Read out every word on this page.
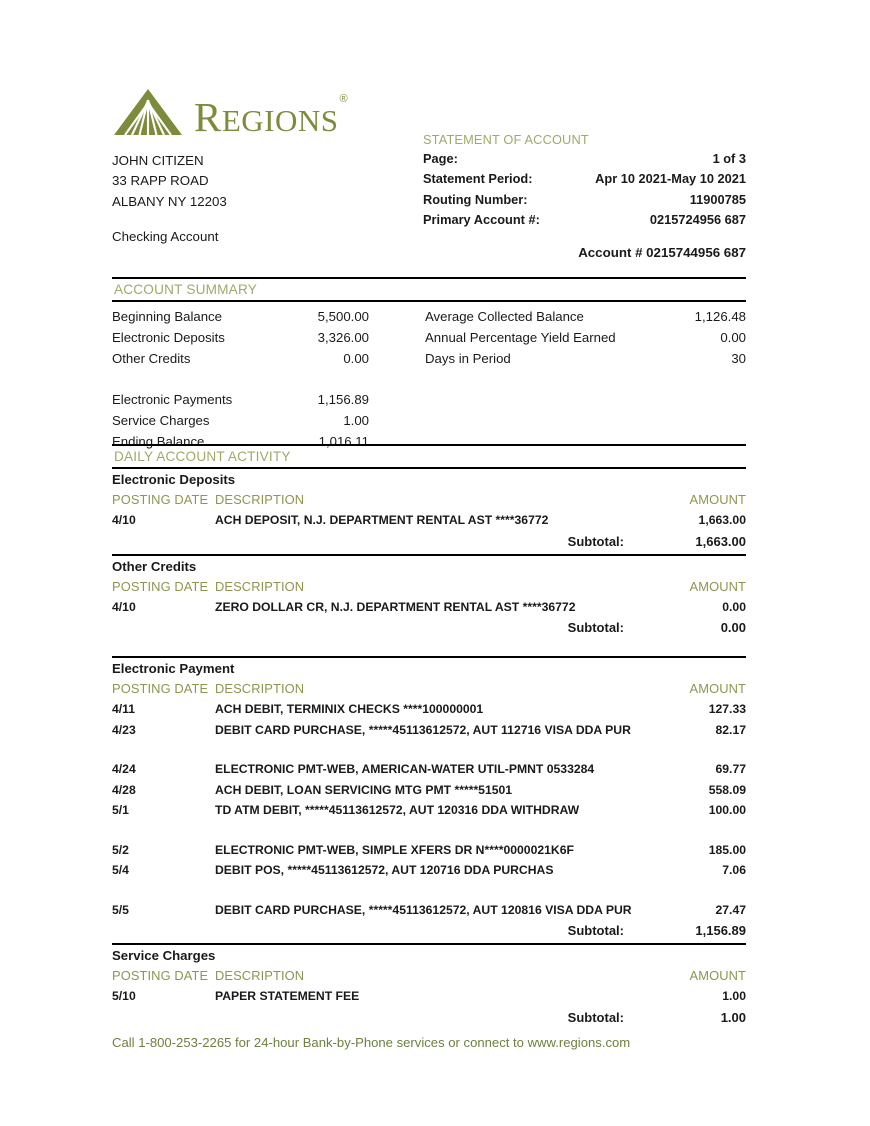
REGIONS®
JOHN CITIZEN
33 RAPP ROAD
ALBANY NY 12203
Checking Account
STATEMENT OF ACCOUNT
Page:	1 of 3
Statement Period:	Apr 10 2021-May 10 2021
Routing Number:	11900785
Primary Account #:	0215724956 687
Account # 0215744956 687
ACCOUNT SUMMARY
Beginning Balance	5,500.00	Average Collected Balance	1,126.48
Electronic Deposits	3,326.00	Annual Percentage Yield Earned	0.00
Other Credits	0.00	Days in Period	30
Electronic Payments	1,156.89
Service Charges	1.00
Ending Balance	1,016.11
DAILY ACCOUNT ACTIVITY
Electronic Deposits
POSTING DATE DESCRIPTION	AMOUNT
4/10	ACH DEPOSIT, N.J. DEPARTMENT RENTAL AST ****36772	1,663.00
Subtotal:	1,663.00
Other Credits
POSTING DATE DESCRIPTION	AMOUNT
4/10	ZERO DOLLAR CR, N.J. DEPARTMENT RENTAL AST ****36772	0.00
Subtotal:	0.00
Electronic Payment
POSTING DATE DESCRIPTION	AMOUNT
4/11	ACH DEBIT, TERMINIX CHECKS ****100000001	127.33
4/23	DEBIT CARD PURCHASE, *****45113612572, AUT 112716 VISA DDA PUR	82.17
4/24	ELECTRONIC PMT-WEB, AMERICAN-WATER UTIL-PMNT 0533284	69.77
4/28	ACH DEBIT, LOAN SERVICING MTG PMT *****51501	558.09
5/1	TD ATM DEBIT, *****45113612572, AUT 120316 DDA WITHDRAW	100.00
5/2	ELECTRONIC PMT-WEB, SIMPLE XFERS DR N****0000021K6F	185.00
5/4	DEBIT POS, *****45113612572, AUT 120716 DDA PURCHAS	7.06
5/5	DEBIT CARD PURCHASE, *****45113612572, AUT 120816 VISA DDA PUR	27.47
Subtotal:	1,156.89
Service Charges
POSTING DATE DESCRIPTION	AMOUNT
5/10	PAPER STATEMENT FEE	1.00
Subtotal:	1.00
Call 1-800-253-2265 for 24-hour Bank-by-Phone services or connect to www.regions.com
